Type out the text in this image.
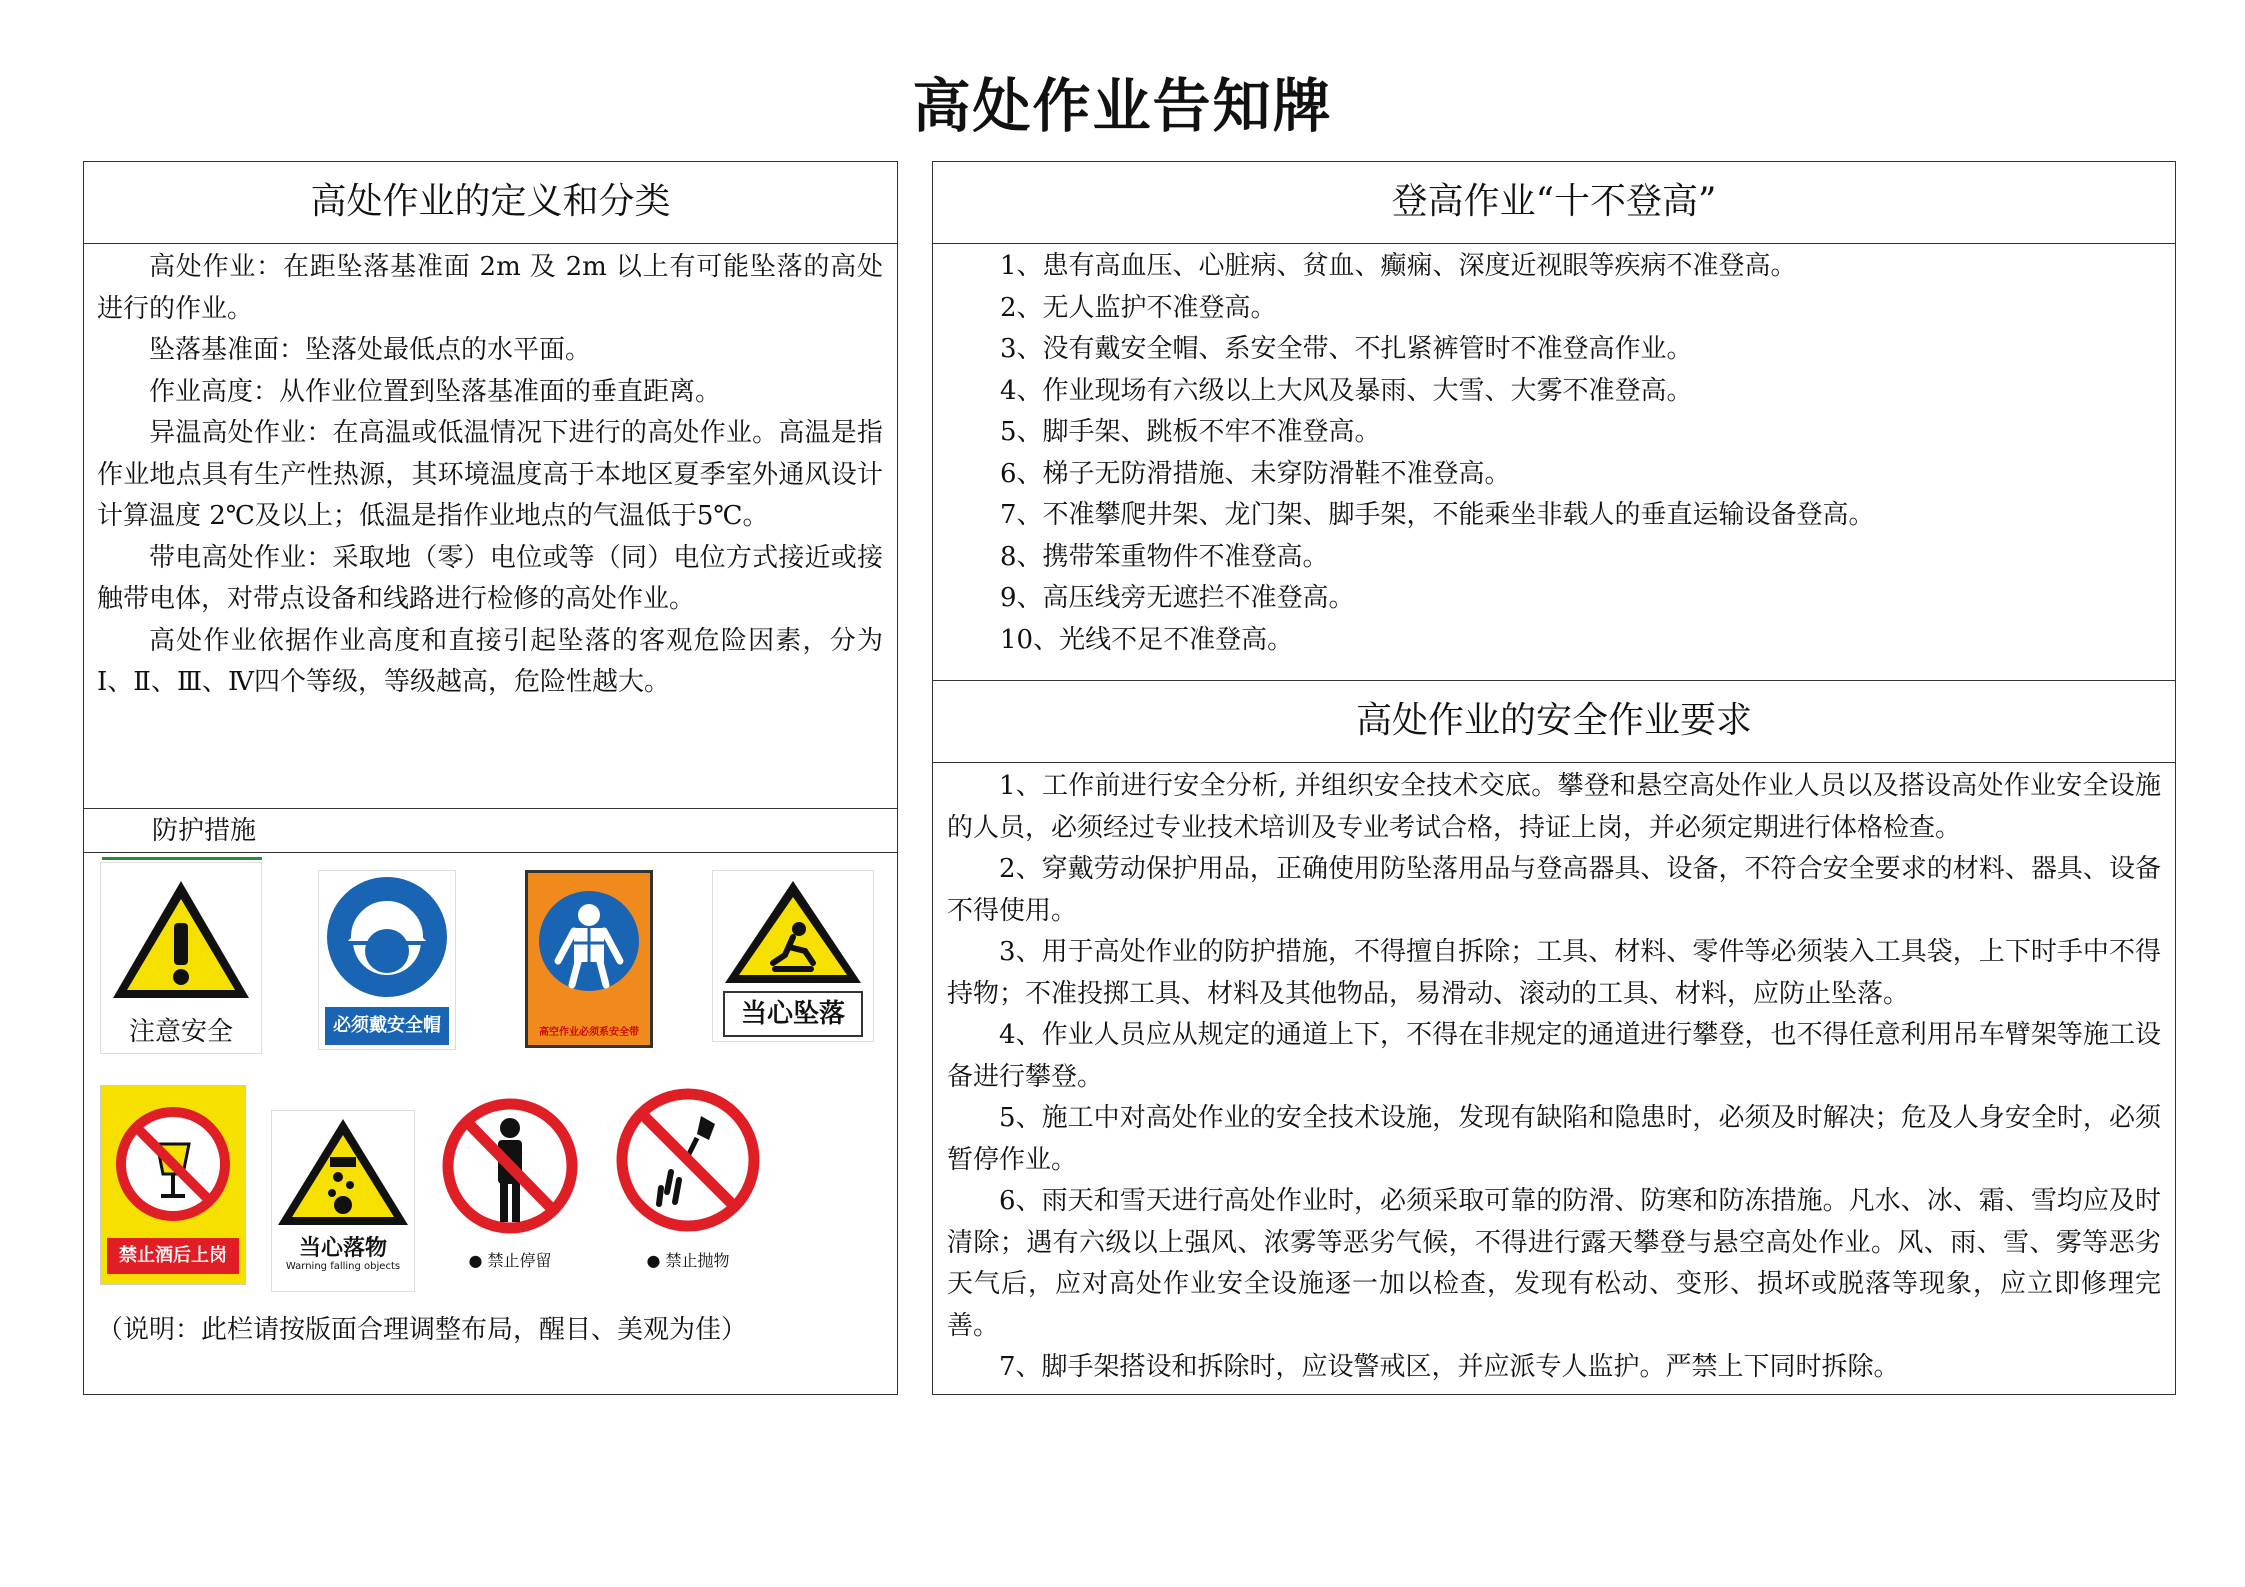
高处作业告知牌
高处作业的定义和分类

高处作业：在距坠落基准面 2m 及 2m 以上有可能坠落的高处进行的作业。

坠落基准面：坠落处最低点的水平面。

作业高度：从作业位置到坠落基准面的垂直距离。

异温高处作业：在高温或低温情况下进行的高处作业。高温是指作业地点具有生产性热源，其环境温度高于本地区夏季室外通风设计计算温度 2℃及以上；低温是指作业地点的气温低于5℃。

带电高处作业：采取地（零）电位或等（同）电位方式接近或接触带电体，对带点设备和线路进行检修的高处作业。

高处作业依据作业高度和直接引起坠落的客观危险因素，分为Ⅰ、Ⅱ、Ⅲ、Ⅳ四个等级，等级越高，危险性越大。

防护措施
注意安全	必须戴安全帽	高空作业必须系安全带
当心坠落
禁止酒后上岗	当心落物
Warning falling objects	● 禁止停留	● 禁止抛物
（说明：此栏请按版面合理调整布局，醒目、美观为佳）
登高作业“十不登高”
1、患有高血压、心脏病、贫血、癫痫、深度近视眼等疾病不准登高。
2、无人监护不准登高。
3、没有戴安全帽、系安全带、不扎紧裤管时不准登高作业。
4、作业现场有六级以上大风及暴雨、大雪、大雾不准登高。
5、脚手架、跳板不牢不准登高。
6、梯子无防滑措施、未穿防滑鞋不准登高。
7、不准攀爬井架、龙门架、脚手架，不能乘坐非载人的垂直运输设备登高。
8、携带笨重物件不准登高。
9、高压线旁无遮拦不准登高。
10、光线不足不准登高。
高处作业的安全作业要求

1、工作前进行安全分析, 并组织安全技术交底。攀登和悬空高处作业人员以及搭设高处作业安全设施的人员，必须经过专业技术培训及专业考试合格，持证上岗，并必须定期进行体格检查。

2、穿戴劳动保护用品，正确使用防坠落用品与登高器具、设备，不符合安全要求的材料、器具、设备不得使用。

3、用于高处作业的防护措施，不得擅自拆除；工具、材料、零件等必须装入工具袋，上下时手中不得持物；不准投掷工具、材料及其他物品，易滑动、滚动的工具、材料，应防止坠落。

4、作业人员应从规定的通道上下，不得在非规定的通道进行攀登，也不得任意利用吊车臂架等施工设备进行攀登。

5、施工中对高处作业的安全技术设施，发现有缺陷和隐患时，必须及时解决；危及人身安全时，必须暂停作业。

6、雨天和雪天进行高处作业时，必须采取可靠的防滑、防寒和防冻措施。凡水、冰、霜、雪均应及时清除；遇有六级以上强风、浓雾等恶劣气候，不得进行露天攀登与悬空高处作业。风、雨、雪、雾等恶劣天气后，应对高处作业安全设施逐一加以检查，发现有松动、变形、损坏或脱落等现象，应立即修理完善。

7、脚手架搭设和拆除时，应设警戒区，并应派专人监护。严禁上下同时拆除。
